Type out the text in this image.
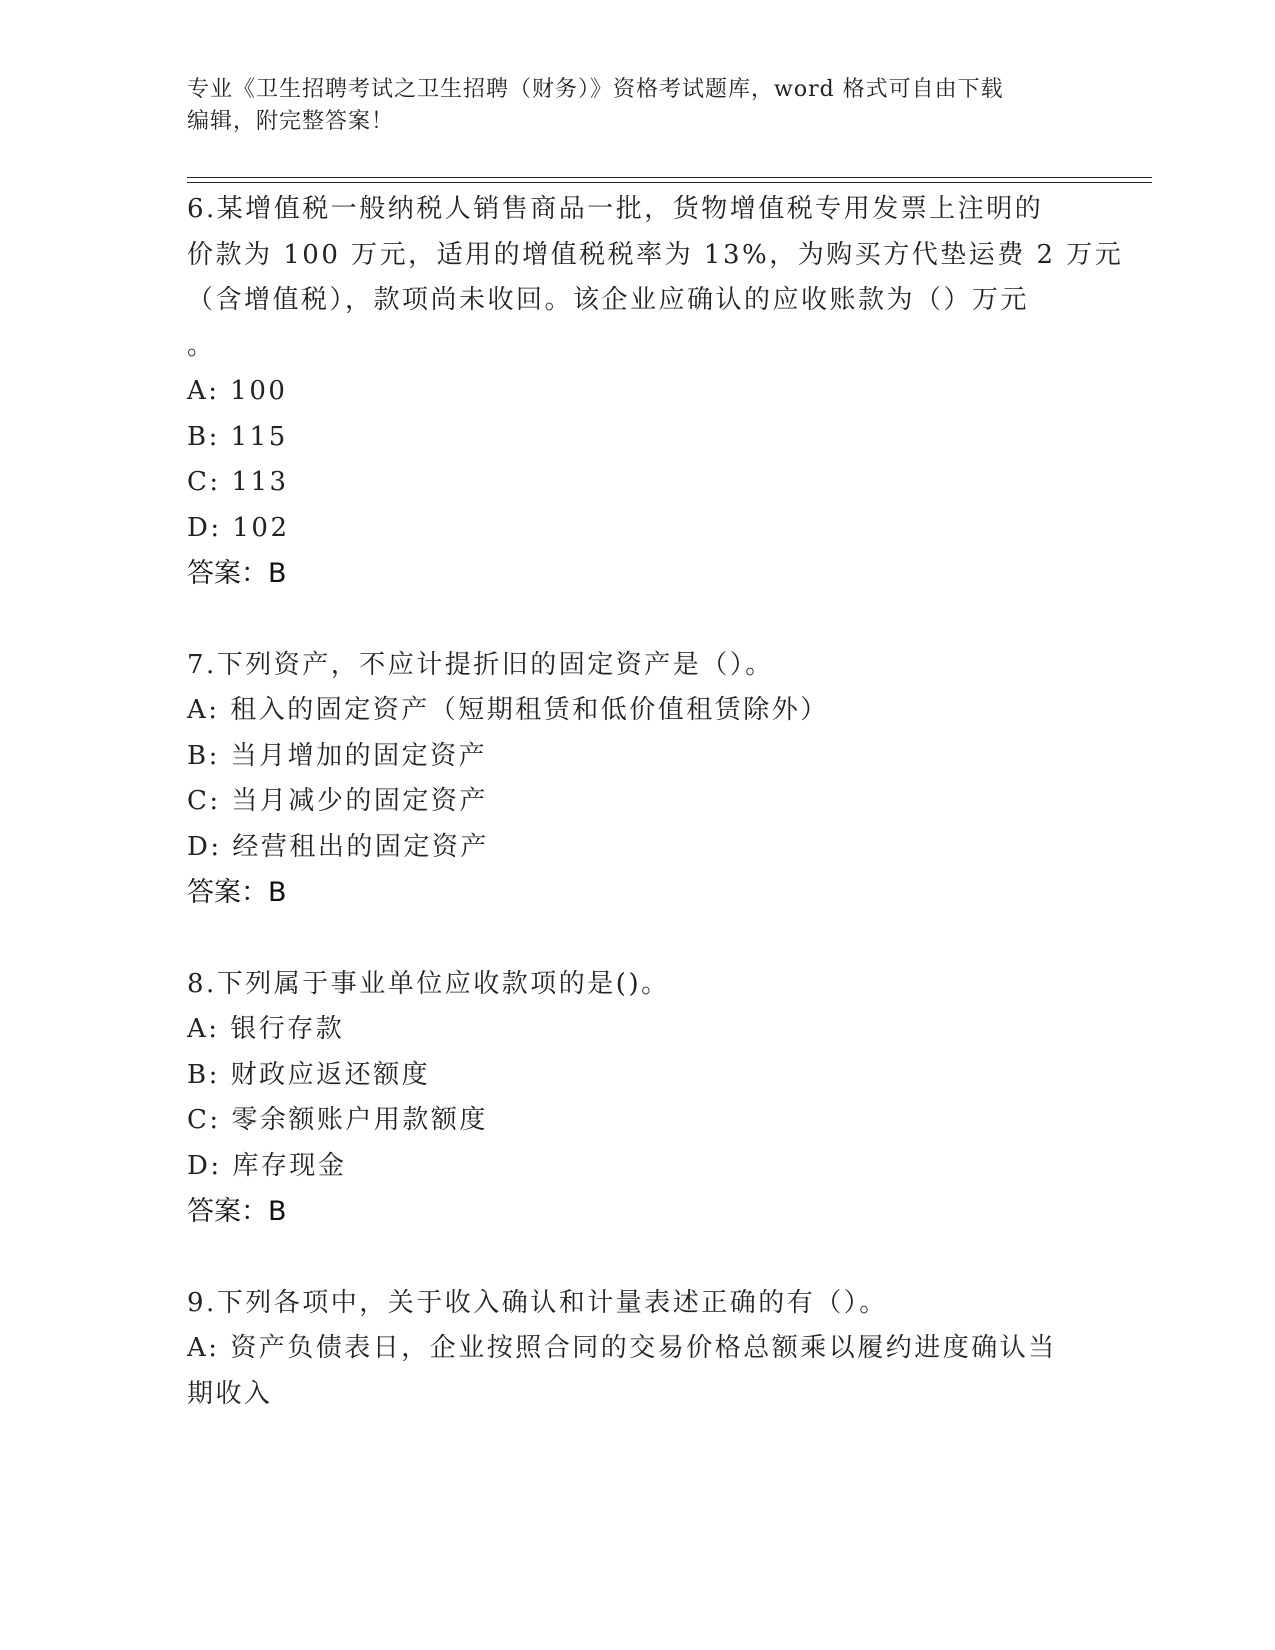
专业《卫生招聘考试之卫生招聘（财务）》资格考试题库，word 格式可自由下载
编辑，附完整答案！
6.某增值税一般纳税人销售商品一批，货物增值税专用发票上注明的
价款为 100 万元，适用的增值税税率为 13%，为购买方代垫运费 2 万元
（含增值税），款项尚未收回。该企业应确认的应收账款为（）万元
。
A: 100
B: 115
C: 113
D: 102
答案：B
7.下列资产，不应计提折旧的固定资产是（）。
A: 租入的固定资产（短期租赁和低价值租赁除外）
B: 当月增加的固定资产
C: 当月减少的固定资产
D: 经营租出的固定资产
答案：B
8.下列属于事业单位应收款项的是()。
A: 银行存款
B: 财政应返还额度
C: 零余额账户用款额度
D: 库存现金
答案：B
9.下列各项中，关于收入确认和计量表述正确的有（）。
A: 资产负债表日，企业按照合同的交易价格总额乘以履约进度确认当
期收入
